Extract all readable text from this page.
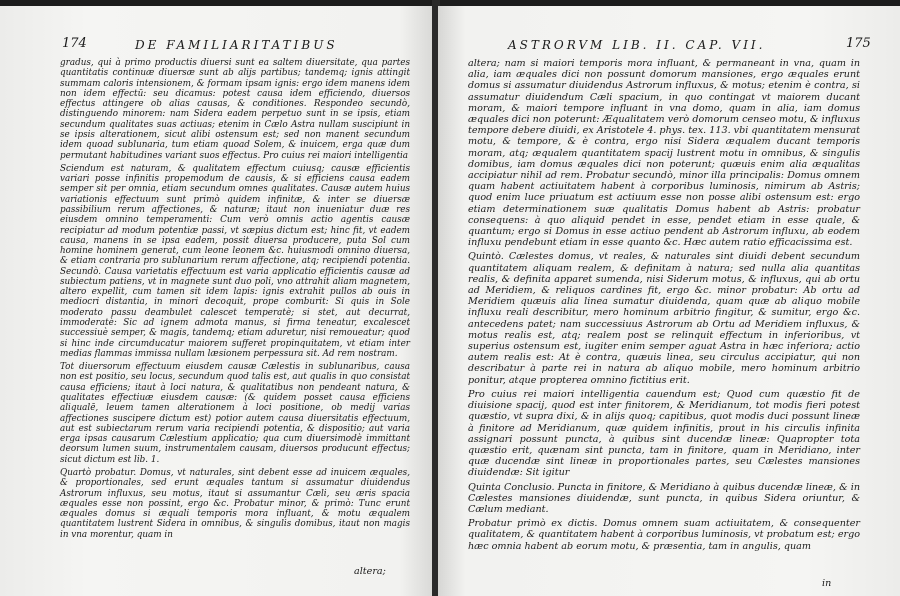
174	DE FAMILIARITATIBUS

gradus, qui à primo productis diuersi sunt ea saltem diuersitate, qua partes quantitatis continuæ diuersæ sunt ab alijs partibus; tandemq; ignis attingit summam caloris intensionem, & formam ipsam ignis: ergo idem manens idem non idem effectū: seu dicamus: potest causa idem efficiendo, diuersos effectus attingere ob alias causas, & conditiones. Respondeo secundò, distinguendo minorem: nam Sidera eadem perpetuo sunt in se ipsis, etiam secundum qualitates suas actiuas; etenim in Cælo Astra nullam suscipiunt in se ipsis alterationem, sicut alibi ostensum est; sed non manent secundum idem quoad sublunaria, tum etiam quoad Solem, & inuicem, erga quæ dum permutant habitudines variant suos effectus. Pro cuius rei maiori intelligentia

Sciendum est naturam, & qualitatem effectum cuiusq; causæ efficientis variari posse infinitis propemodum de causis, & si efficiens causa eadem semper sit per omnia, etiam secundum omnes qualitates. Causæ autem huius variationis effectuum sunt primò quidem infinitæ, & inter se diuersæ passibilium rerum affectiones, & naturæ; itaut non inueniatur duæ res eiusdem omnino temperamenti: Cum verò omnis actio agentis causæ recipiatur ad modum potentiæ passi, vt sæpius dictum est; hinc fit, vt eadem causa, manens in se ipsa eadem, possit diuersa producere, puta Sol cum homine hominem generat, cum leone leonem &c. huiusmodi omnino diuersa, & etiam contraria pro sublunarium rerum affectione, atq; recipiendi potentia. Secundò. Causa varietatis effectuum est varia applicatio efficientis causæ ad subiectum patiens, vt in magnete sunt duo poli, vno attrahit aliam magnetem, altero expellit, cum tamen sit idem lapis: ignis extrahit pullos ab ouis in mediocri distantia, in minori decoquit, prope comburit: Si quis in Sole moderato passu deambulet calescet temperatè; si stet, aut decurrat, immoderatè: Sic ad ignem admota manus, si firma teneatur, excalescet successiuè semper, & magis, tandemq; etiam aduretur, nisi remoueatur; quod si hinc inde circumducatur maiorem sufferet propinquitatem, vt etiam inter medias flammas immissa nullam læsionem perpessura sit. Ad rem nostram.

Tot diuersorum effectuum eiusdem causæ Cælestis in sublunaribus, causa non est positio, seu locus, secundum quod talis est, aut qualis in quo consistat causa efficiens; itaut à loci natura, & qualitatibus non pendeant natura, & qualitates effectiuæ eiusdem causæ: (& quidem posset causa efficiens aliqualē, leuem tamen alterationem à loci positione, ob medij varias affectiones suscipere dictum est) potior autem causa diuersitatis effectuum, aut est subiectarum rerum varia recipiendi potentia, & dispositio; aut varia erga ipsas causarum Cælestium applicatio; qua cum diuersimodè immittant deorsum lumen suum, instrumentalem causam, diuersos producunt effectus; sicut dictum est lib. 1.

Quartò probatur. Domus, vt naturales, sint debent esse ad inuicem æquales, & proportionales, sed erunt æquales tantum si assumatur diuidendus Astrorum influxus, seu motus, itaut si assumantur Cæli, seu æris spacia æquales esse non possint, ergo &c. Probatur minor, & primò: Tunc erunt æquales domus si æquali temporis mora influant, & motu æqualem quantitatem lustrent Sidera in omnibus, & singulis domibus, itaut non magis in vna morentur, quam in

altera;
ASTRORVM LIB. II. CAP. VII.	175

altera; nam si maiori temporis mora influant, & permaneant in vna, quam in alia, iam æquales dici non possunt domorum mansiones, ergo æquales erunt domus si assumatur diuidendus Astrorum influxus, & motus; etenim è contra, si assumatur diuidendum Cæli spacium, in quo contingat vt maiorem ducant moram, & maiori tempore influant in vna domo, quam in alia, iam domus æquales dici non poterunt: Æqualitatem verò domorum censeo motu, & influxus tempore debere diuidi, ex Aristotele 4. phys. tex. 113. vbi quantitatem mensurat motu, & tempore, & è contra, ergo nisi Sidera æqualem ducant temporis moram, atq; æqualem quantitatem spacij lustrent motu in omnibus, & singulis domibus, iam domus æquales dici non poterunt; quæuis enim alia æqualitas accipiatur nihil ad rem. Probatur secundò, minor illa principalis: Domus omnem quam habent actiuitatem habent à corporibus luminosis, nimirum ab Astris; quod enim luce priuatum est actiuum esse non posse alibi ostensum est: ergo etiam determinationem suæ qualitatis Domus habent ab Astris: probatur consequens: à quo aliquid pendet in esse, pendet etiam in esse quale, & quantum; ergo si Domus in esse actiuo pendent ab Astrorum influxu, ab eodem influxu pendebunt etiam in esse quanto &c. Hæc autem ratio efficacissima est.

Quintò. Cælestes domus, vt reales, & naturales sint diuidi debent secundum quantitatem aliquam realem, & definitam à natura; sed nulla alia quantitas realis, & definita apparet sumenda, nisi Siderum motus, & influxus, qui ab ortu ad Meridiem, & reliquos cardines fit, ergo &c. minor probatur: Ab ortu ad Meridiem quæuis alia linea sumatur diuidenda, quam quæ ab aliquo mobile influxu reali describitur, mero hominum arbitrio fingitur, & sumitur, ergo &c. antecedens patet; nam successiuus Astrorum ab Ortu ad Meridiem influxus, & motus realis est, atq; realem post se relinquit effectum in inferioribus, vt superius ostensum est, iugiter enim semper aguat Astra in hæc inferiora; actio autem realis est: At è contra, quæuis linea, seu circulus accipiatur, qui non describatur à parte rei in natura ab aliquo mobile, mero hominum arbitrio ponitur, atque propterea omnino fictitius erit.

Pro cuius rei maiori intelligentia cauendum est; Quod cum quæstio fit de diuisione spacij, quod est inter finitorem, & Meridianum, tot modis fieri potest quæstio, vt supra dixi, & in alijs quoq; capitibus, quot modis duci possunt lineæ à finitore ad Meridianum, quæ quidem infinitis, prout in his circulis infinita assignari possunt puncta, à quibus sint ducendæ lineæ: Quapropter tota quæstio erit, quænam sint puncta, tam in finitore, quam in Meridiano, inter quæ ducendæ sint lineæ in proportionales partes, seu Cælestes mansiones diuidendæ: Sit igitur

Quinta Conclusio. Puncta in finitore, & Meridiano à quibus ducendæ lineæ, & in Cælestes mansiones diuidendæ, sunt puncta, in quibus Sidera oriuntur, & Cælum mediant.

Probatur primò ex dictis. Domus omnem suam actiuitatem, & consequenter qualitatem, & quantitatem habent à corporibus luminosis, vt probatum est; ergo hæc omnia habent ab eorum motu, & præsentia, tam in angulis, quam

in
